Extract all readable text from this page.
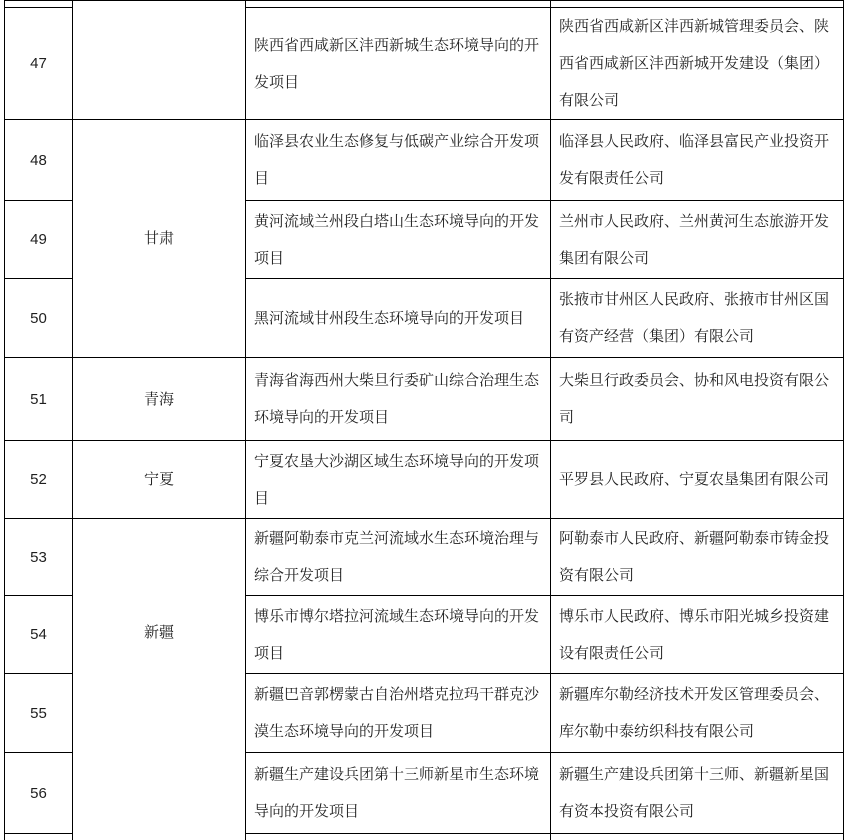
47		陕西省西咸新区沣西新城生态环境导向的开发项目	陕西省西咸新区沣西新城管理委员会、陕西省西咸新区沣西新城开发建设（集团）有限公司
48	甘肃	临泽县农业生态修复与低碳产业综合开发项目	临泽县人民政府、临泽县富民产业投资开发有限责任公司
49		黄河流域兰州段白塔山生态环境导向的开发项目	兰州市人民政府、兰州黄河生态旅游开发集团有限公司
50		黑河流域甘州段生态环境导向的开发项目	张掖市甘州区人民政府、张掖市甘州区国有资产经营（集团）有限公司
51	青海	青海省海西州大柴旦行委矿山综合治理生态环境导向的开发项目	大柴旦行政委员会、协和风电投资有限公司
52	宁夏	宁夏农垦大沙湖区域生态环境导向的开发项目	平罗县人民政府、宁夏农垦集团有限公司
53	新疆	新疆阿勒泰市克兰河流域水生态环境治理与综合开发项目	阿勒泰市人民政府、新疆阿勒泰市铸金投资有限公司
54		博乐市博尔塔拉河流域生态环境导向的开发项目	博乐市人民政府、博乐市阳光城乡投资建设有限责任公司
55		新疆巴音郭楞蒙古自治州塔克拉玛干群克沙漠生态环境导向的开发项目	新疆库尔勒经济技术开发区管理委员会、库尔勒中泰纺织科技有限公司
56		新疆生产建设兵团第十三师新星市生态环境导向的开发项目	新疆生产建设兵团第十三师、新疆新星国有资本投资有限公司
